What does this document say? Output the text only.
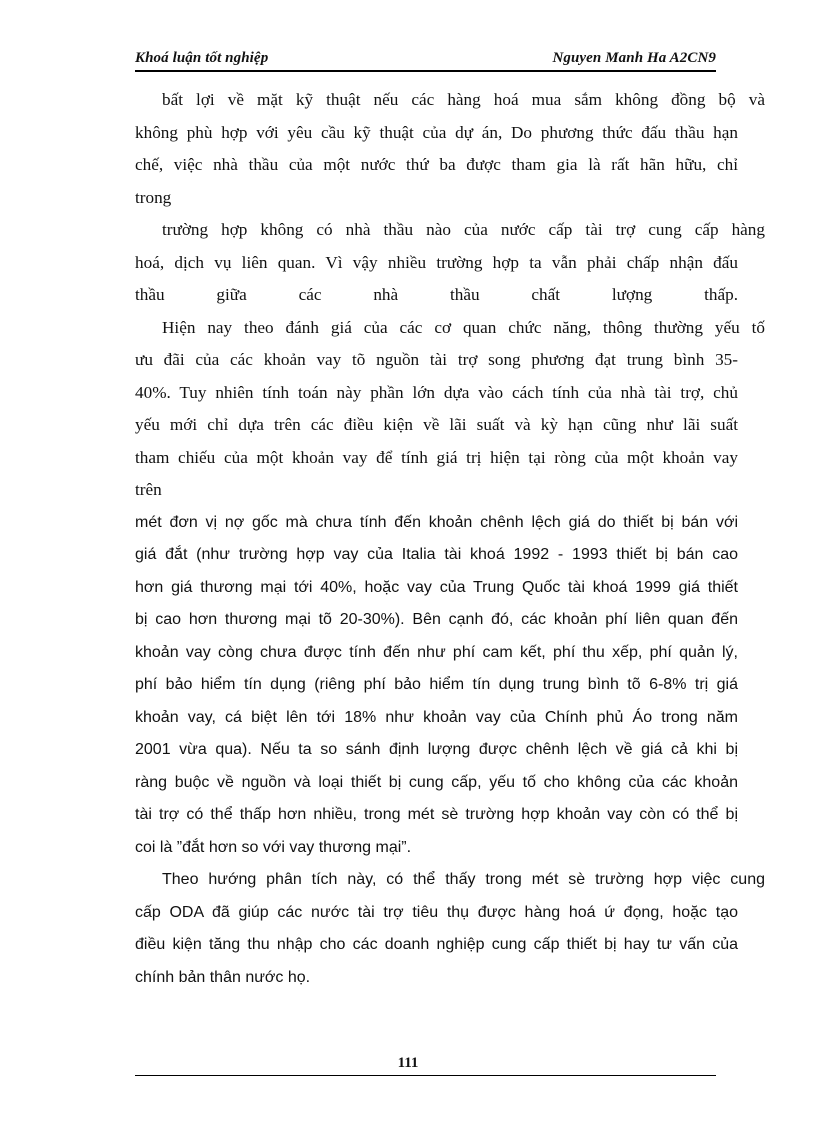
Khoá luận tốt nghiệp	Nguyen Manh Ha A2CN9
bất lợi về mặt kỹ thuật nếu các hàng hoá mua sắm không đồng bộ và
không phù hợp với yêu cầu kỹ thuật của dự án, Do phương thức đấu thầu hạn
chế, việc nhà thầu của một nước thứ ba được tham gia là rất hãn hữu, chỉ
trong
trường hợp không có nhà thầu nào của nước cấp tài trợ cung cấp hàng
hoá, dịch vụ liên quan. Vì vậy nhiều trường hợp ta vẫn phải chấp nhận đấu
thầu giữa các nhà thầu chất lượng thấp.
Hiện nay theo đánh giá của các cơ quan chức năng, thông thường yếu tố
ưu đãi của các khoản vay tõ nguồn tài trợ song phương đạt trung bình 35-
40%. Tuy nhiên tính toán này phần lớn dựa vào cách tính của nhà tài trợ, chủ
yếu mới chỉ dựa trên các điều kiện về lãi suất và kỳ hạn cũng như lãi suất
tham chiếu của một khoản vay để tính giá trị hiện tại ròng của một khoản vay
trên
mét đơn vị nợ gốc mà chưa tính đến khoản chênh lệch giá do thiết bị bán với
giá đắt (như trường hợp vay của Italia tài khoá 1992 - 1993 thiết bị bán cao
hơn giá thương mại tới 40%, hoặc vay của Trung Quốc tài khoá 1999 giá thiết
bị cao hơn thương mại tõ 20-30%). Bên cạnh đó, các khoản phí liên quan đến
khoản vay còng chưa được tính đến như phí cam kết, phí thu xếp, phí quản lý,
phí bảo hiểm tín dụng (riêng phí bảo hiểm tín dụng trung bình tõ 6-8% trị giá
khoản vay, cá biệt lên tới 18% như khoản vay của Chính phủ Áo trong năm
2001 vừa qua). Nếu ta so sánh định lượng được chênh lệch về giá cả khi bị
ràng buộc về nguồn và loại thiết bị cung cấp, yếu tố cho không của các khoản
tài trợ có thể thấp hơn nhiều, trong mét sè trường hợp khoản vay còn có thể bị
coi là ”đắt hơn so với vay thương mại”.
Theo hướng phân tích này, có thể thấy trong mét sè trường hợp việc cung
cấp ODA đã giúp các nước tài trợ tiêu thụ được hàng hoá ứ đọng, hoặc tạo
điều kiện tăng thu nhập cho các doanh nghiệp cung cấp thiết bị hay tư vấn của
chính bản thân nước họ.
111
